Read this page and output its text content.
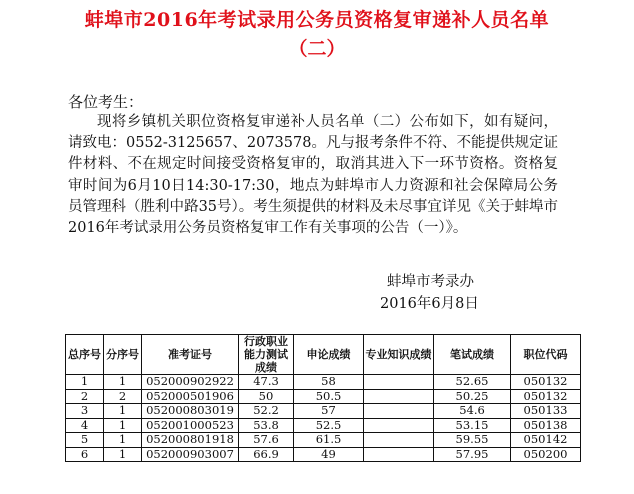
蚌埠市2016年考试录用公务员资格复审递补人员名单
（二）
各位考生：

现将乡镇机关职位资格复审递补人员名单（二）公布如下，如有疑问，请致电：0552-3125657、2073578。凡与报考条件不符、不能提供规定证件材料、不在规定时间接受资格复审的，取消其进入下一环节资格。资格复审时间为6月10日14:30-17:30，地点为蚌埠市人力资源和社会保障局公务员管理科（胜利中路35号）。考生须提供的材料及未尽事宜详见《关于蚌埠市2016年考试录用公务员资格复审工作有关事项的公告（一）》。

蚌埠市考录办
2016年6月8日
总序号	分序号	准考证号	行政职业能力测试成绩	申论成绩	专业知识成绩	笔试成绩	职位代码
1	1	052000902922	47.3	58		52.65	050132
2	2	052000501906	50	50.5		50.25	050132
3	1	052000803019	52.2	57		54.6	050133
4	1	052001000523	53.8	52.5		53.15	050138
5	1	052000801918	57.6	61.5		59.55	050142
6	1	052000903007	66.9	49		57.95	050200
